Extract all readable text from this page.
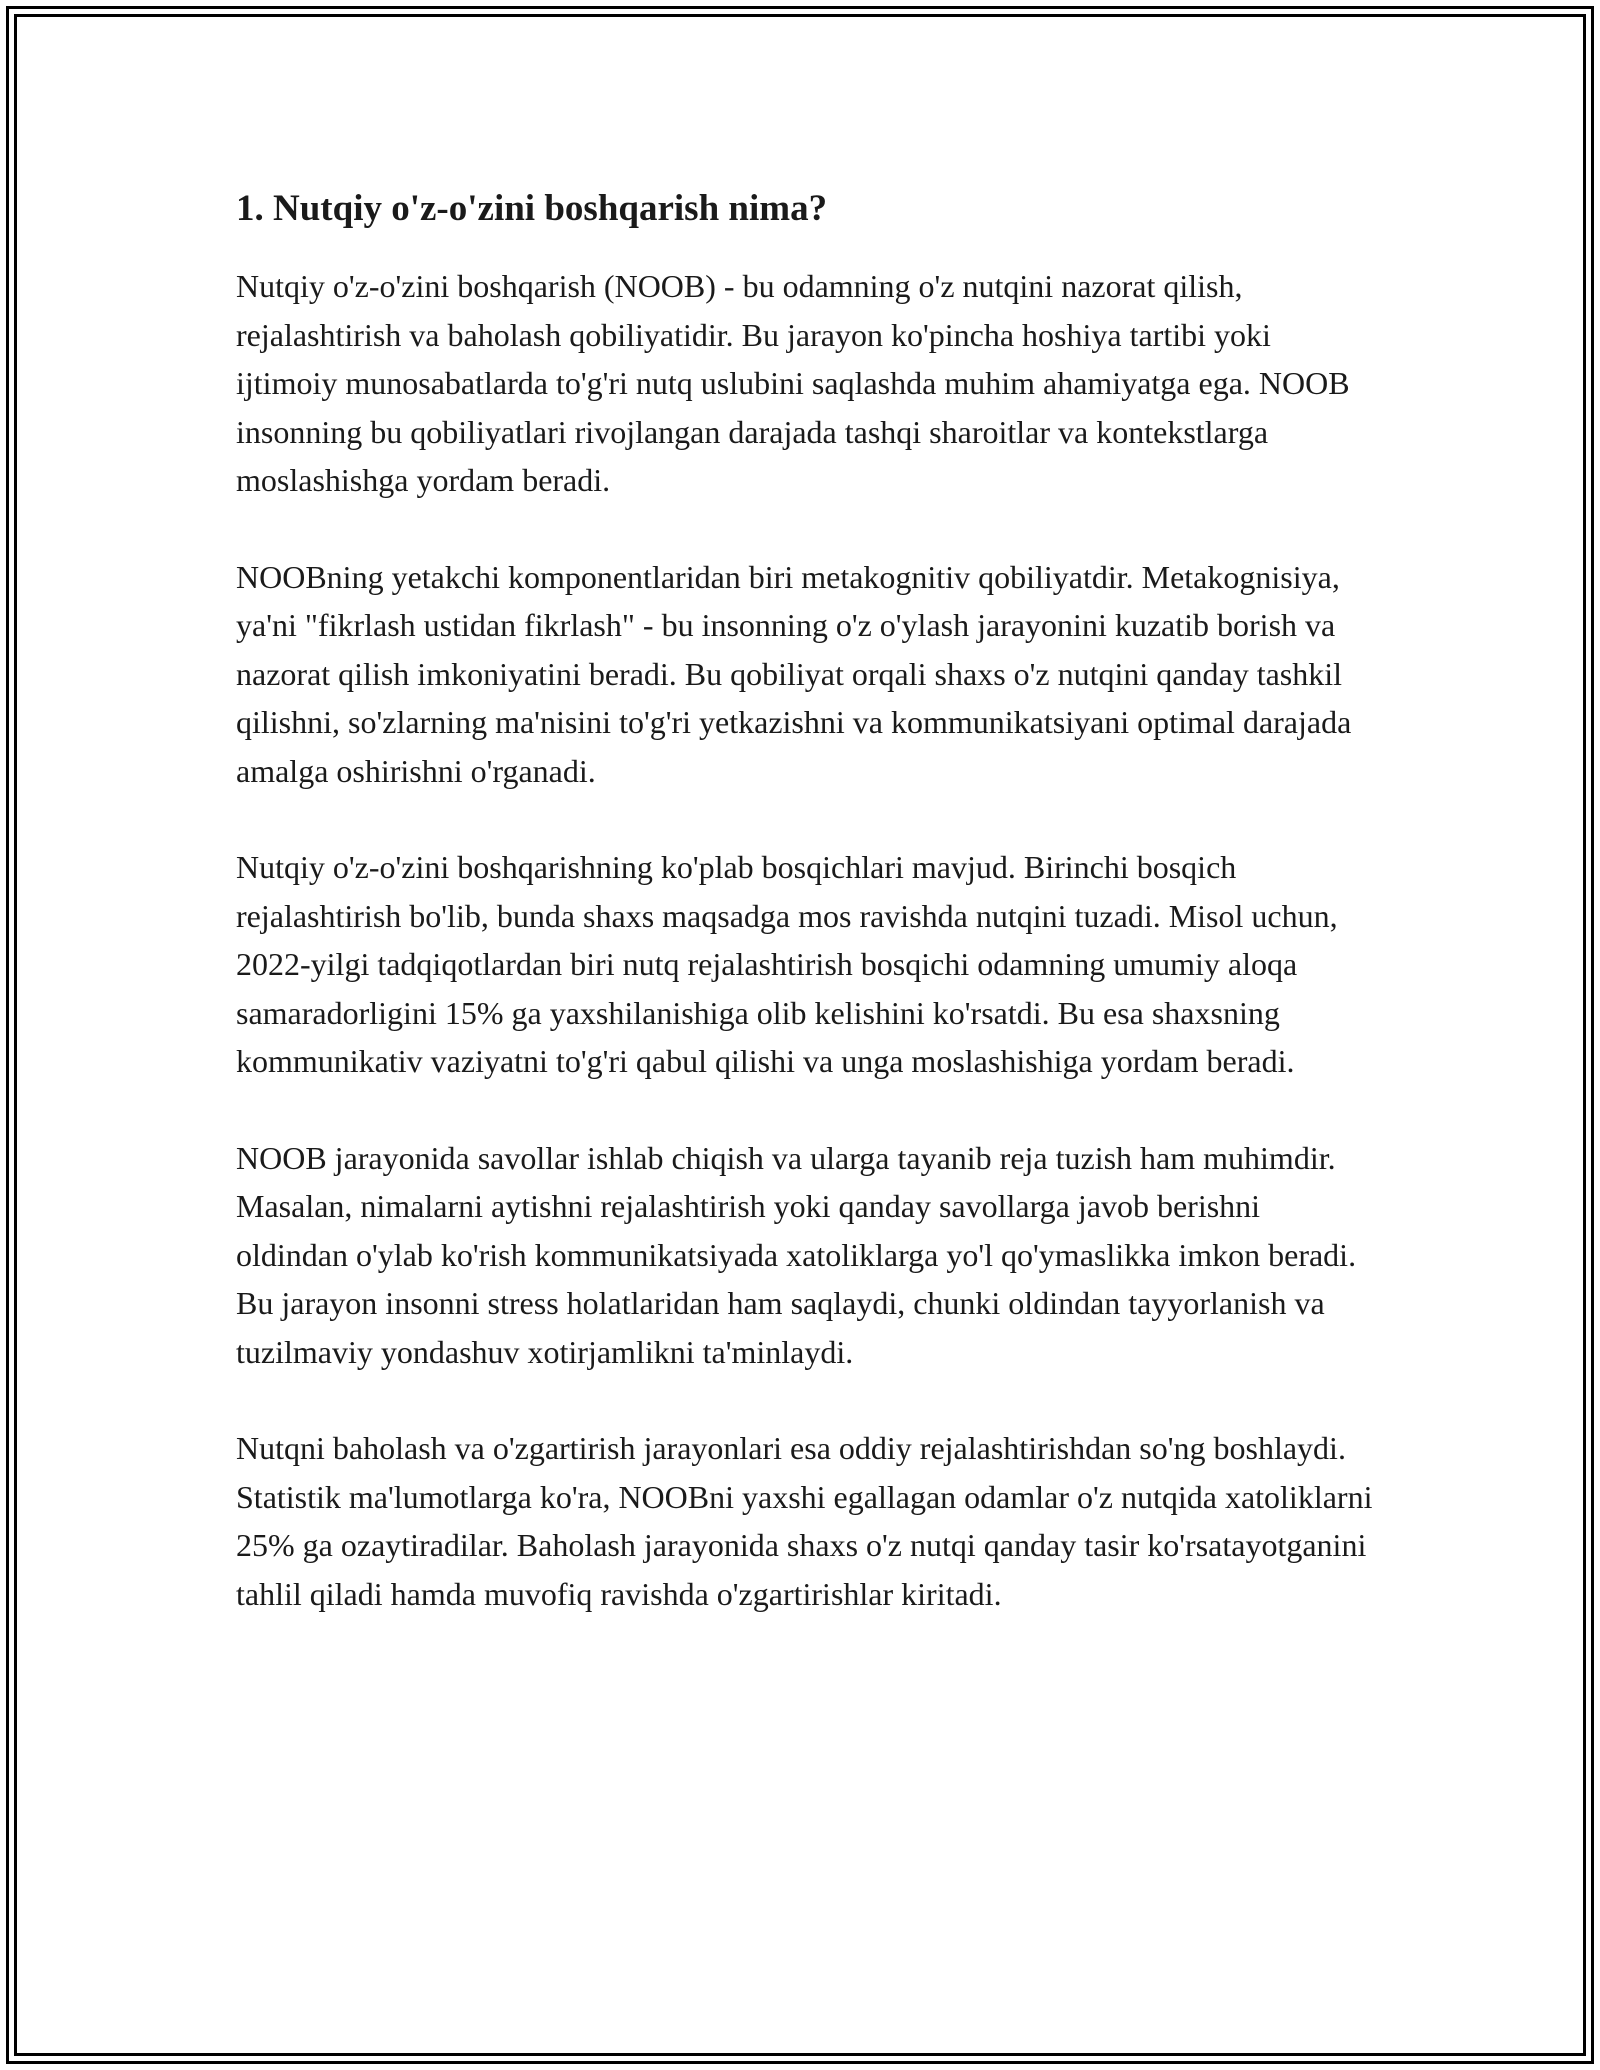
1. Nutqiy o'z-o'zini boshqarish nima?

Nutqiy o'z-o'zini boshqarish (NOOB) - bu odamning o'z nutqini nazorat qilish, rejalashtirish va baholash qobiliyatidir. Bu jarayon ko'pincha hoshiya tartibi yoki ijtimoiy munosabatlarda to'g'ri nutq uslubini saqlashda muhim ahamiyatga ega. NOOB insonning bu qobiliyatlari rivojlangan darajada tashqi sharoitlar va kontekstlarga moslashishga yordam beradi.

NOOBning yetakchi komponentlaridan biri metakognitiv qobiliyatdir. Metakognisiya, ya'ni "fikrlash ustidan fikrlash" - bu insonning o'z o'ylash jarayonini kuzatib borish va nazorat qilish imkoniyatini beradi. Bu qobiliyat orqali shaxs o'z nutqini qanday tashkil qilishni, so'zlarning ma'nisini to'g'ri yetkazishni va kommunikatsiyani optimal darajada amalga oshirishni o'rganadi.

Nutqiy o'z-o'zini boshqarishning ko'plab bosqichlari mavjud. Birinchi bosqich rejalashtirish bo'lib, bunda shaxs maqsadga mos ravishda nutqini tuzadi. Misol uchun, 2022-yilgi tadqiqotlardan biri nutq rejalashtirish bosqichi odamning umumiy aloqa samaradorligini 15% ga yaxshilanishiga olib kelishini ko'rsatdi. Bu esa shaxsning kommunikativ vaziyatni to'g'ri qabul qilishi va unga moslashishiga yordam beradi.

NOOB jarayonida savollar ishlab chiqish va ularga tayanib reja tuzish ham muhimdir. Masalan, nimalarni aytishni rejalashtirish yoki qanday savollarga javob berishni oldindan o'ylab ko'rish kommunikatsiyada xatoliklarga yo'l qo'ymaslikka imkon beradi. Bu jarayon insonni stress holatlaridan ham saqlaydi, chunki oldindan tayyorlanish va tuzilmaviy yondashuv xotirjamlikni ta'minlaydi.

Nutqni baholash va o'zgartirish jarayonlari esa oddiy rejalashtirishdan so'ng boshlaydi. Statistik ma'lumotlarga ko'ra, NOOBni yaxshi egallagan odamlar o'z nutqida xatoliklarni 25% ga ozaytiradilar. Baholash jarayonida shaxs o'z nutqi qanday tasir ko'rsatayotganini tahlil qiladi hamda muvofiq ravishda o'zgartirishlar kiritadi.
